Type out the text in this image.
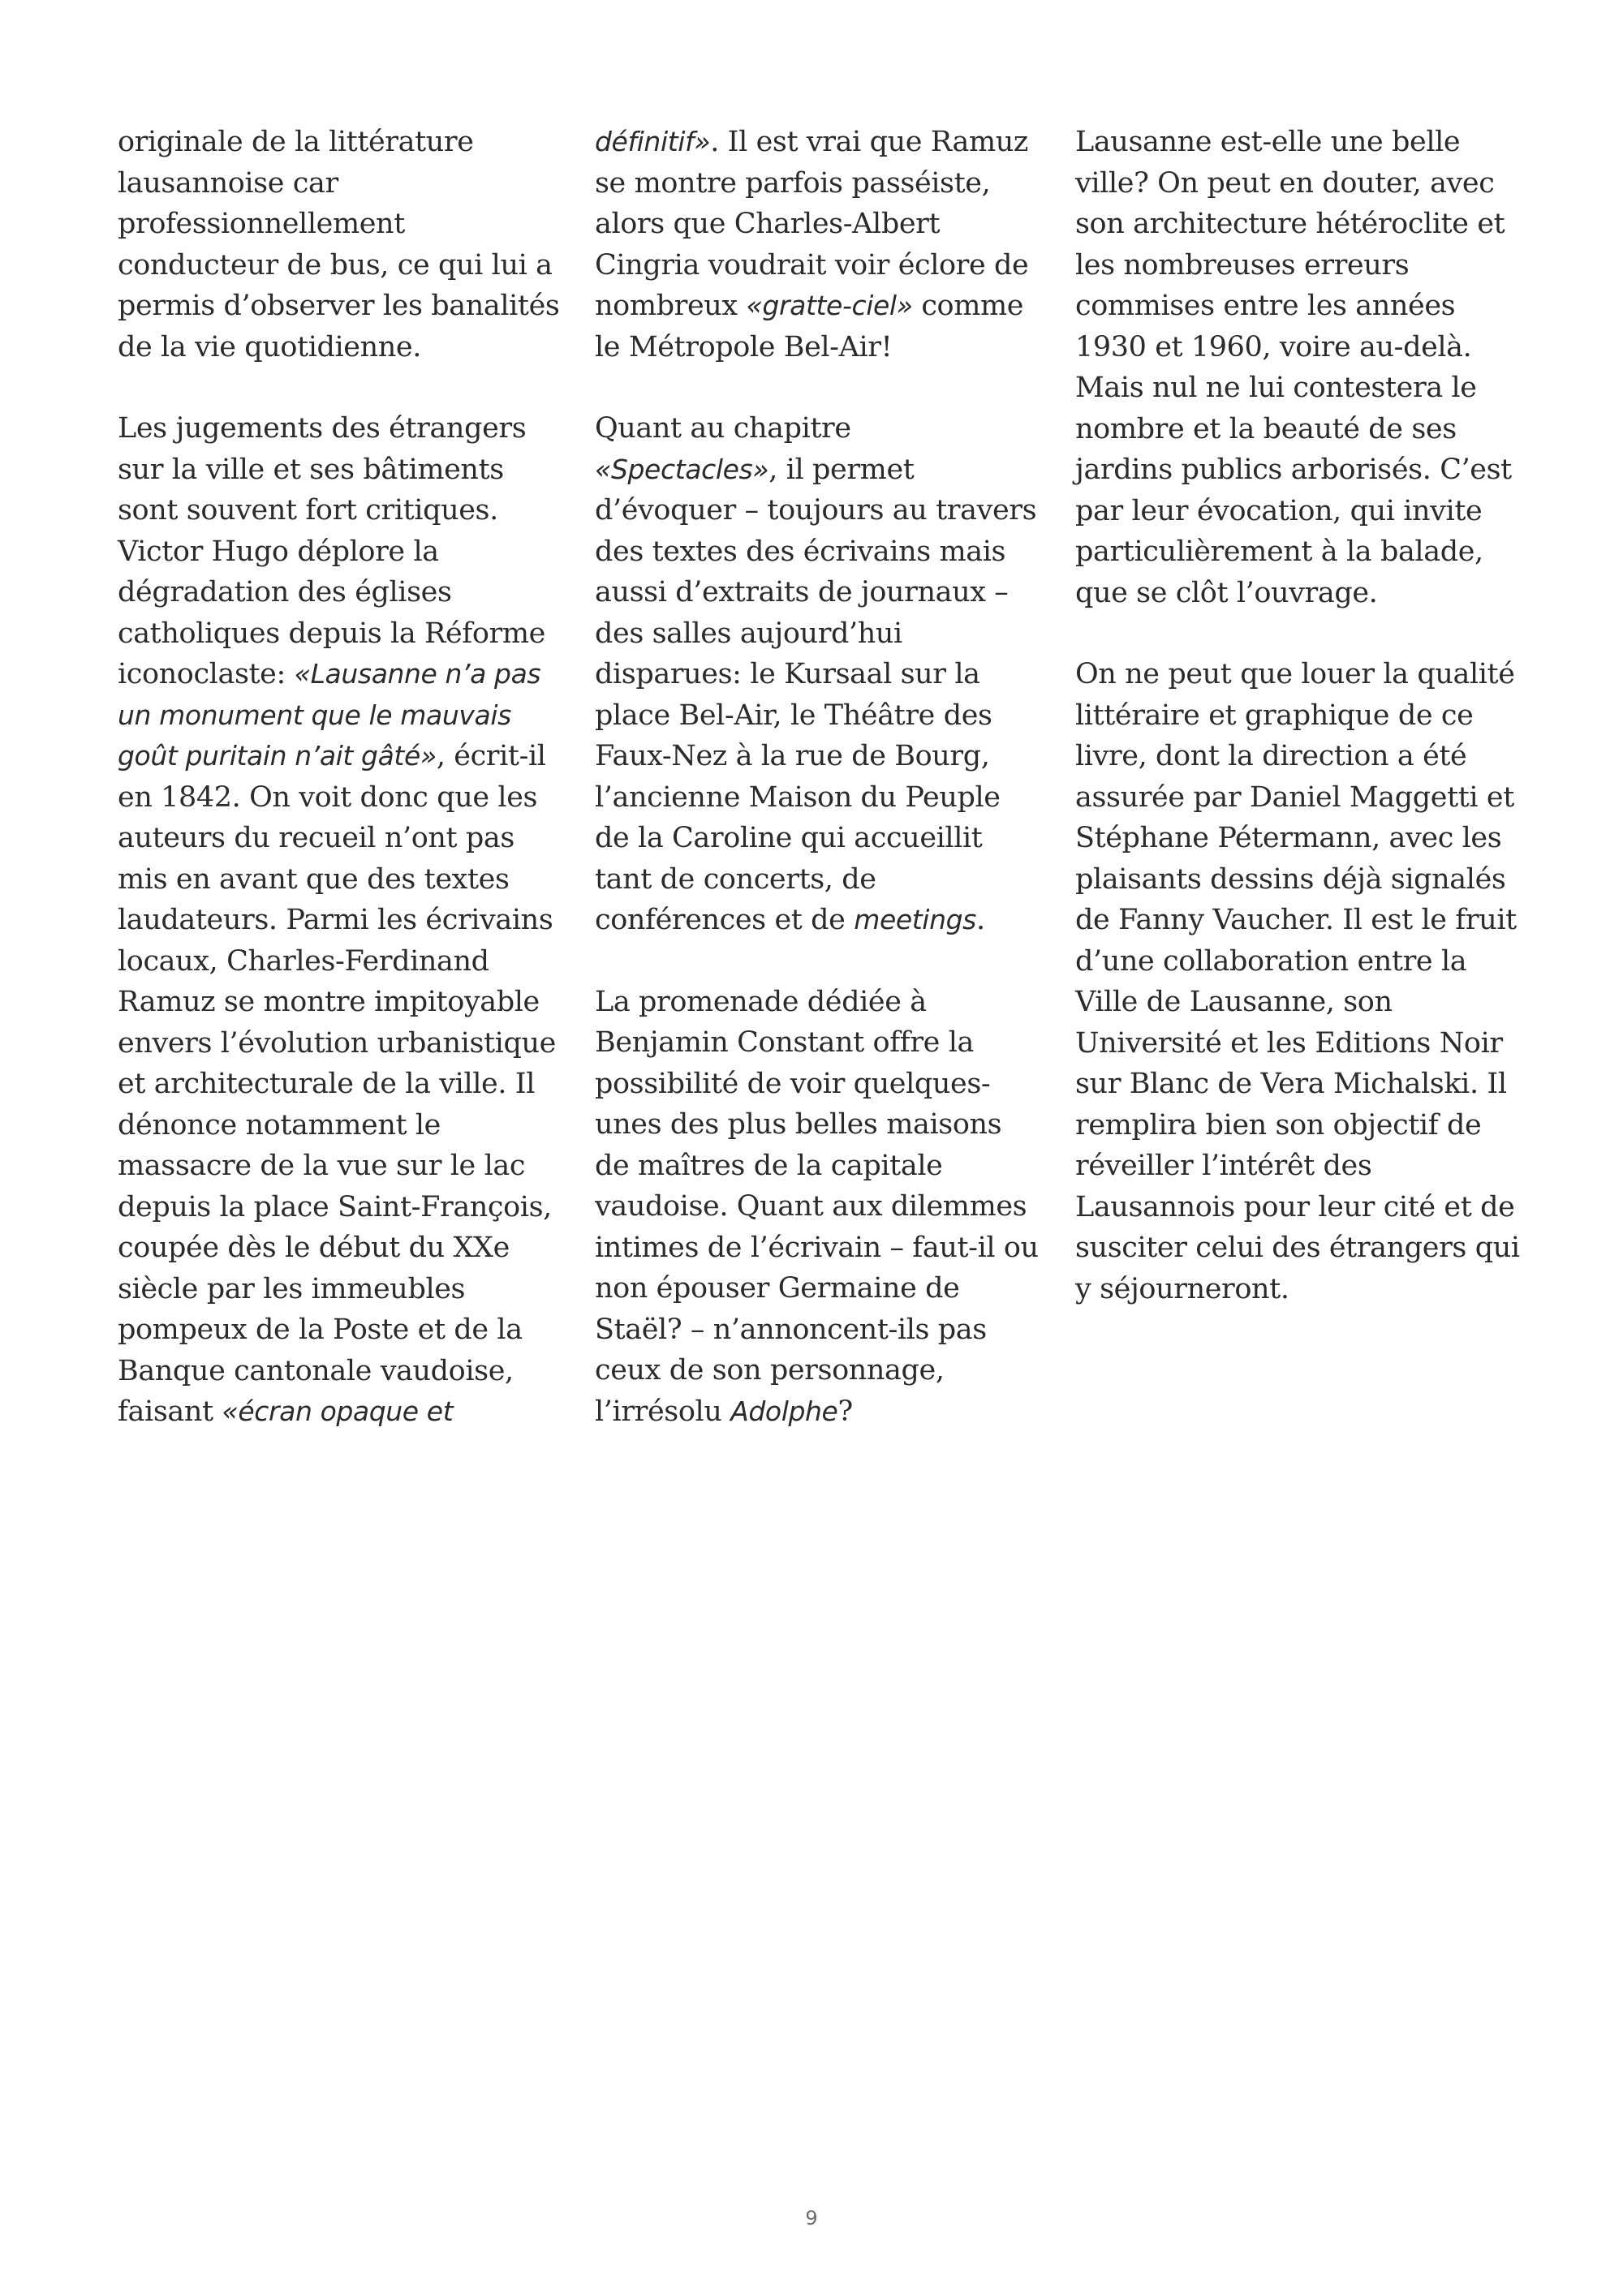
originale de la littérature lausannoise car professionnellement conducteur de bus, ce qui lui a permis d’observer les banalités de la vie quotidienne.

Les jugements des étrangers sur la ville et ses bâtiments sont souvent fort critiques. Victor Hugo déplore la dégradation des églises catholiques depuis la Réforme iconoclaste: «Lausanne n’a pas un monument que le mauvais goût puritain n’ait gâté», écrit-il en 1842. On voit donc que les auteurs du recueil n’ont pas mis en avant que des textes laudateurs. Parmi les écrivains locaux, Charles-Ferdinand Ramuz se montre impitoyable envers l’évolution urbanistique et architecturale de la ville. Il dénonce notamment le massacre de la vue sur le lac depuis la place Saint-François, coupée dès le début du XXe siècle par les immeubles pompeux de la Poste et de la Banque cantonale vaudoise, faisant «écran opaque et

définitif». Il est vrai que Ramuz se montre parfois passéiste, alors que Charles-Albert Cingria voudrait voir éclore de nombreux «gratte-ciel» comme le Métropole Bel-Air!

Quant au chapitre «Spectacles», il permet d’évoquer – toujours au travers des textes des écrivains mais aussi d’extraits de journaux – des salles aujourd’hui disparues: le Kursaal sur la place Bel-Air, le Théâtre des Faux-Nez à la rue de Bourg, l’ancienne Maison du Peuple de la Caroline qui accueillit tant de concerts, de conférences et de meetings.

La promenade dédiée à Benjamin Constant offre la possibilité de voir quelques-unes des plus belles maisons de maîtres de la capitale vaudoise. Quant aux dilemmes intimes de l’écrivain – faut-il ou non épouser Germaine de Staël? – n’annoncent-ils pas ceux de son personnage, l’irrésolu Adolphe?

Lausanne est-elle une belle ville? On peut en douter, avec son architecture hétéroclite et les nombreuses erreurs commises entre les années 1930 et 1960, voire au-delà. Mais nul ne lui contestera le nombre et la beauté de ses jardins publics arborisés. C’est par leur évocation, qui invite particulièrement à la balade, que se clôt l’ouvrage.

On ne peut que louer la qualité littéraire et graphique de ce livre, dont la direction a été assurée par Daniel Maggetti et Stéphane Pétermann, avec les plaisants dessins déjà signalés de Fanny Vaucher. Il est le fruit d’une collaboration entre la Ville de Lausanne, son Université et les Editions Noir sur Blanc de Vera Michalski. Il remplira bien son objectif de réveiller l’intérêt des Lausannois pour leur cité et de susciter celui des étrangers qui y séjourneront.

9
